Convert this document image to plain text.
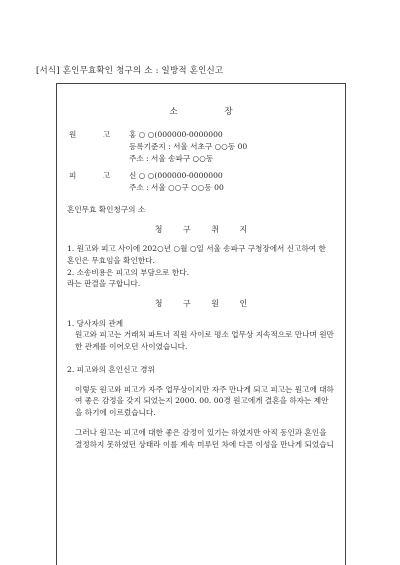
[서식] 혼인무효확인 청구의 소 : 일방적 혼인신고
소 장
원 고 홍 ○ ○(000000-0000000
등록기준지 : 서울 서초구 ○○동 00
주소 : 서울 송파구 ○○동
피 고 신 ○ ○(000000-0000000
주소 : 서울 ○○구 ○○동 00
혼인무효 확인청구의 소
청 구 취 지
1. 원고와 피고 사이에 202○년 ○월 ○일 서울 송파구 구청장에서 신고하여 한 혼인은 무효임을 확인한다.
2. 소송비용은 피고의 부담으로 한다.
라는 판결을 구합니다.
청 구 원 인
1. 당사자의 관계
원고와 피고는 거래처 파트너 직원 사이로 평소 업무상 지속적으로 만나며 원만한 관계를 이어오던 사이였습니다.
2. 피고와의 혼인신고 경위
이렇듯 원고와 피고가 자주 업무상이지만 자주 만나게 되고 피고는 원고에 대하여 좋은 감정을 갖지 되었는지 2000. 00. 00경 원고에게 결혼을 하자는 제안을 하기에 이르렀습니다.
그러나 원고는 피고에 대한 좋은 감정이 있기는 하였지만 아직 동인과 혼인을 결정하지 못하였던 상태라 이를 계속 미루던 차에 다른 이성을 만나게 되었습니
